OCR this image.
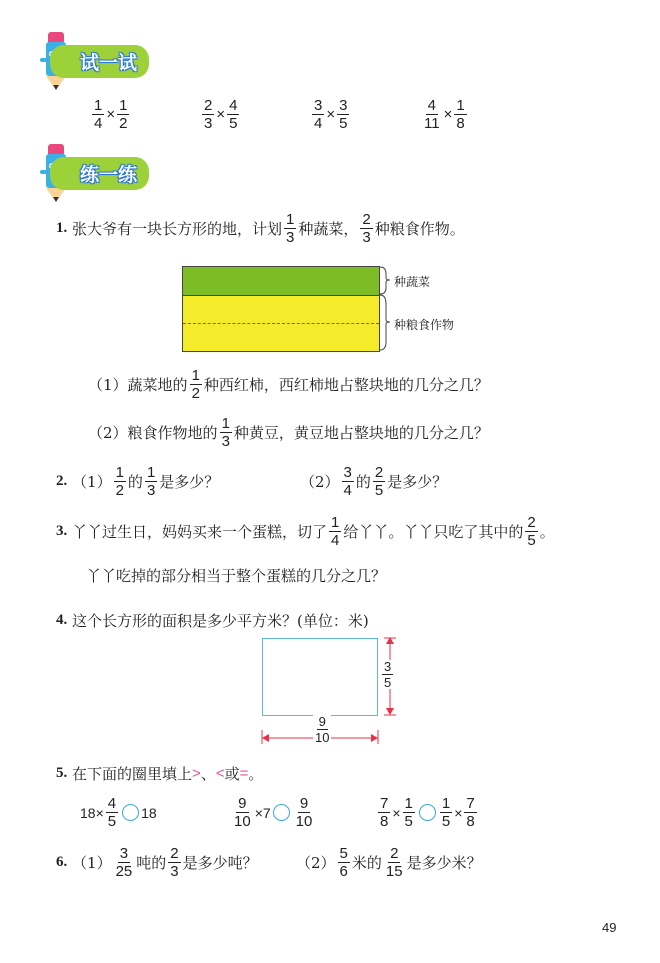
试一试
$\frac{1}{4} \times \frac{1}{2}$	$\frac{2}{3} \times \frac{4}{5}$	$\frac{3}{4} \times \frac{3}{5}$	$\frac{4}{11} \times \frac{1}{8}$
练一练
1.
张大爷有一块长方形的地，计划 $\frac{1}{3}$ 种蔬菜， $\frac{2}{3}$ 种粮食作物。
种蔬菜
种粮食作物
（1） 蔬菜地的 $\frac{1}{2}$ 种西红柿，西红柿地占整块地的几分之几？
（2） 粮食作物地的 $\frac{1}{3}$ 种黄豆，黄豆地占整块地的几分之几？
2.
$(1) \frac{1}{2}$ 的 $\frac{1}{3}$ 是多少？	$(2) \frac{3}{4}$ 的 $\frac{2}{5}$ 是多少？
3.
丫丫过生日，妈妈买来一个蛋糕，切了 $\frac{1}{4}$ 给丫丫。丫丫只吃了其中的 $\frac{2}{5}$ 。
丫丫吃掉的部分相当于整个蛋糕的几分之几？
4.
这个长方形的面积是多少平方米？(单位：米)
$\frac{3}{5}$
$\frac{9}{10}$
5.
在下面的圈里填上 > 、 < 或 = 。
$18 \times \frac{4}{5} 18$	$\frac{9}{10} \times 7 \frac{9}{10}$	$\frac{7}{8} \times \frac{1}{5} \frac{1}{5} \times \frac{7}{8}$
6.
$(1) \frac{3}{25}$ 吨的 $\frac{2}{3}$ 是多少吨？	$(2) \frac{5}{6}$ 米的 $\frac{2}{15}$ 是多少米？
49
